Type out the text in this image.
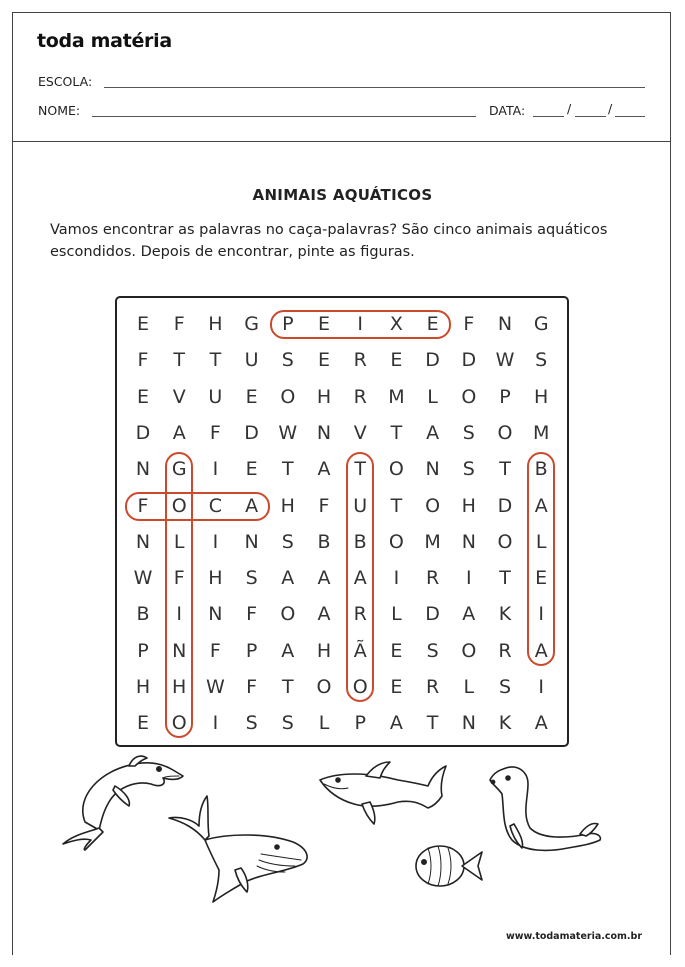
toda matéria
ESCOLA:
NOME:	DATA:	/	/
ANIMAIS AQUÁTICOS
Vamos encontrar as palavras no caça-palavras? São cinco animais aquáticos escondidos. Depois de encontrar, pinte as figuras.
E	F	H	G	P	E	I	X	E	F	N	G
F	T	T	U	S	E	R	E	D	D	W	S
E	V	U	E	O	H	R	M	L	O	P	H
D	A	F	D	W	N	V	T	A	S	O	M
N	G	I	E	T	A	T	O	N	S	T	B
F	O	C	A	H	F	U	T	O	H	D	A
N	L	I	N	S	B	B	O	M	N	O	L
W	F	H	S	A	A	A	I	R	I	T	E
B	I	N	F	O	A	R	L	D	A	K	I
P	N	F	P	A	H	Ã	E	S	O	R	A
H	H	W	F	T	O	O	E	R	L	S	I
E	O	I	S	S	L	P	A	T	N	K	A
www.todamateria.com.br
